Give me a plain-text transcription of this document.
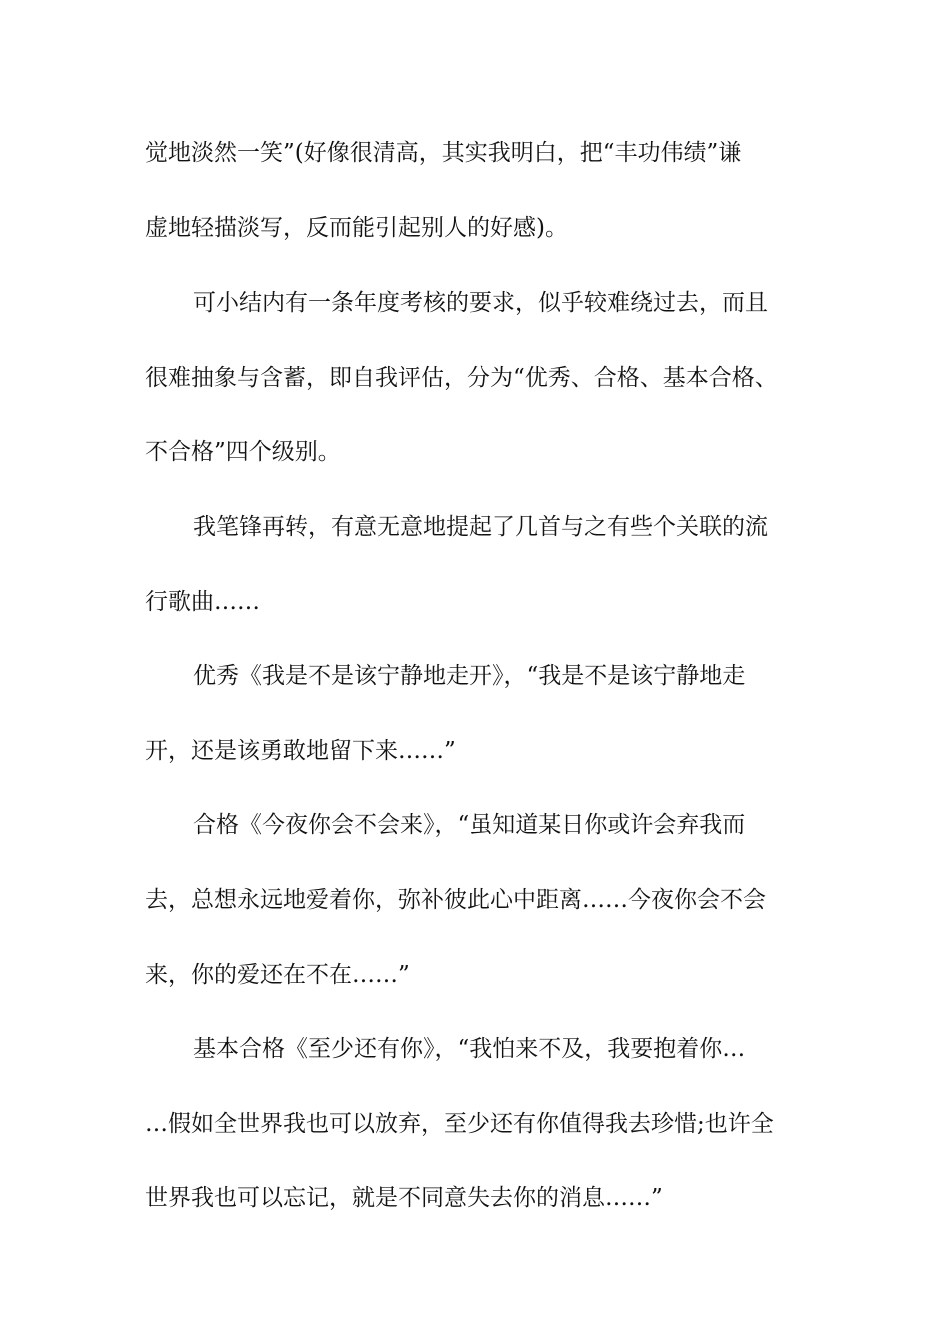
觉地淡然一笑”(好像很清高，其实我明白，把“丰功伟绩”谦
虚地轻描淡写，反而能引起别人的好感)。
可小结内有一条年度考核的要求，似乎较难绕过去，而且
很难抽象与含蓄，即自我评估，分为“优秀、合格、基本合格、
不合格”四个级别。
我笔锋再转，有意无意地提起了几首与之有些个关联的流
行歌曲……
优秀《我是不是该宁静地走开》，“我是不是该宁静地走
开，还是该勇敢地留下来……”
合格《今夜你会不会来》，“虽知道某日你或许会弃我而
去，总想永远地爱着你，弥补彼此心中距离……今夜你会不会
来，你的爱还在不在……”
基本合格《至少还有你》，“我怕来不及，我要抱着你…
…假如全世界我也可以放弃，至少还有你值得我去珍惜;也许全
世界我也可以忘记，就是不同意失去你的消息……”
